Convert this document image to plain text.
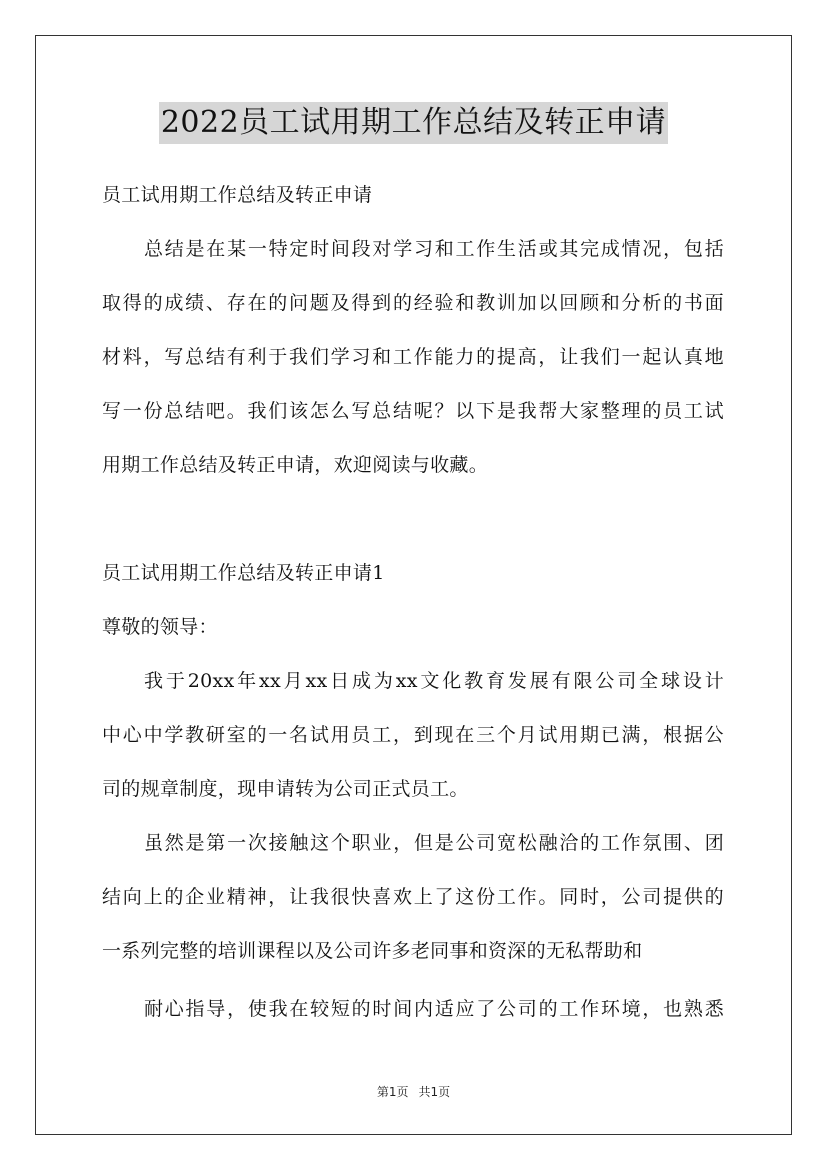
2022员工试用期工作总结及转正申请
员工试用期工作总结及转正申请
总结是在某一特定时间段对学习和工作生活或其完成情况，包括
取得的成绩、存在的问题及得到的经验和教训加以回顾和分析的书面
材料，写总结有利于我们学习和工作能力的提高，让我们一起认真地
写一份总结吧。我们该怎么写总结呢？以下是我帮大家整理的员工试
用期工作总结及转正申请，欢迎阅读与收藏。
员工试用期工作总结及转正申请1
尊敬的领导：
我于20xx年xx月xx日成为xx文化教育发展有限公司全球设计
中心中学教研室的一名试用员工，到现在三个月试用期已满，根据公
司的规章制度，现申请转为公司正式员工。
虽然是第一次接触这个职业，但是公司宽松融洽的工作氛围、团
结向上的企业精神，让我很快喜欢上了这份工作。同时，公司提供的
一系列完整的培训课程以及公司许多老同事和资深的无私帮助和
耐心指导，使我在较短的时间内适应了公司的工作环境，也熟悉
第1页 共1页
